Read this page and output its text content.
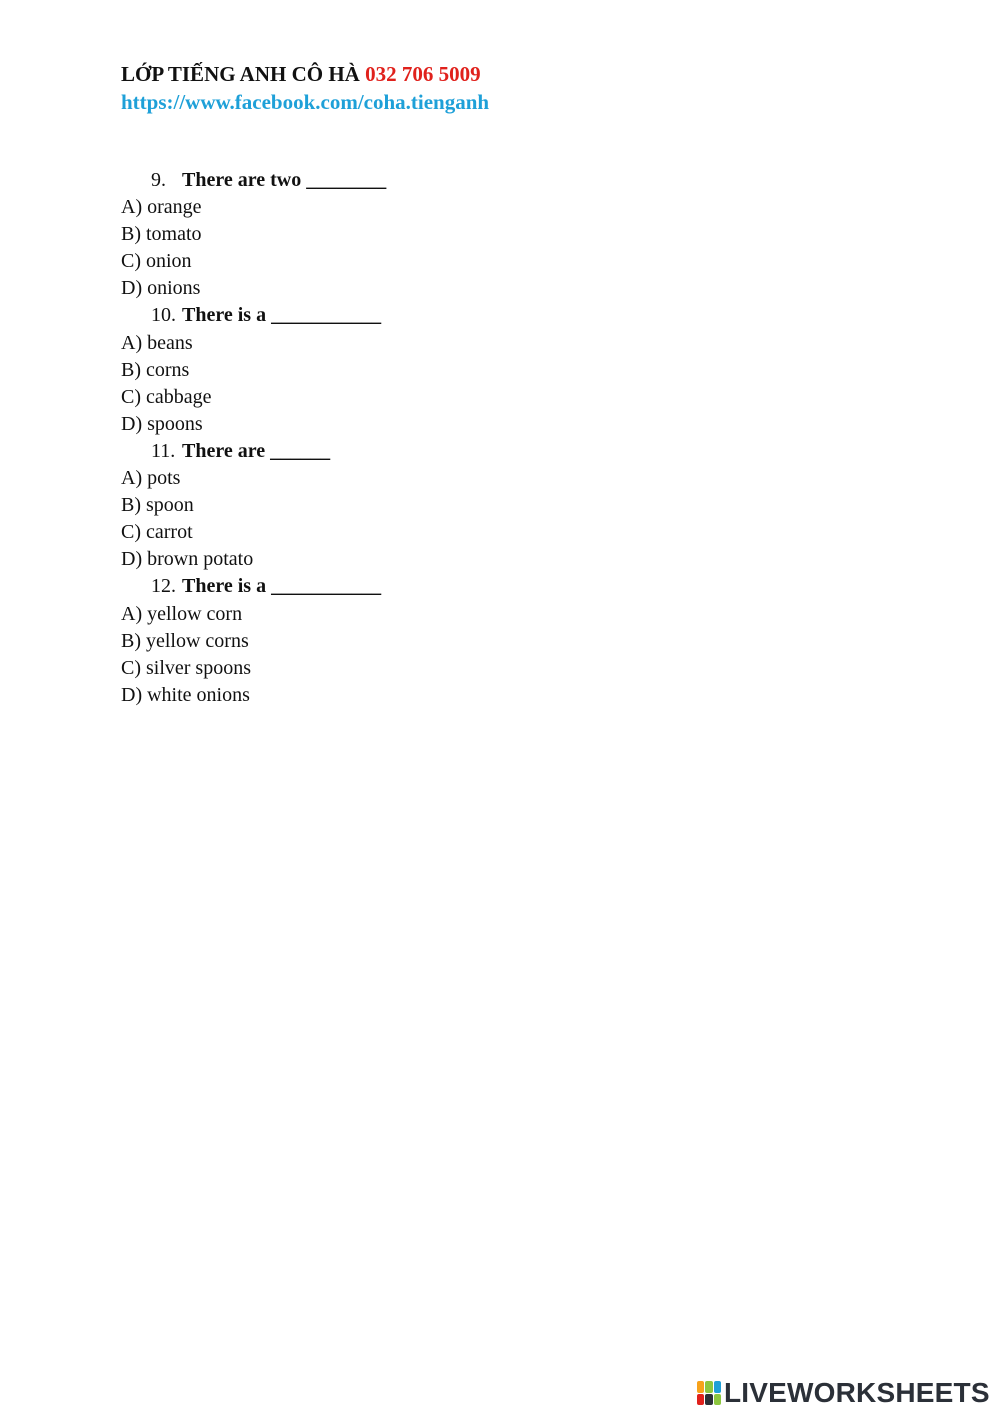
LỚP TIẾNG ANH CÔ HÀ 032 706 5009
https://www.facebook.com/coha.tienganh
9. There are two ________
A) orange
B) tomato
C) onion
D) onions
10. There is a ___________
A) beans
B) corns
C) cabbage
D) spoons
11. There are ______
A) pots
B) spoon
C) carrot
D) brown potato
12. There is a ___________
A) yellow corn
B) yellow corns
C) silver spoons
D) white onions
LIVEWORKSHEETS
